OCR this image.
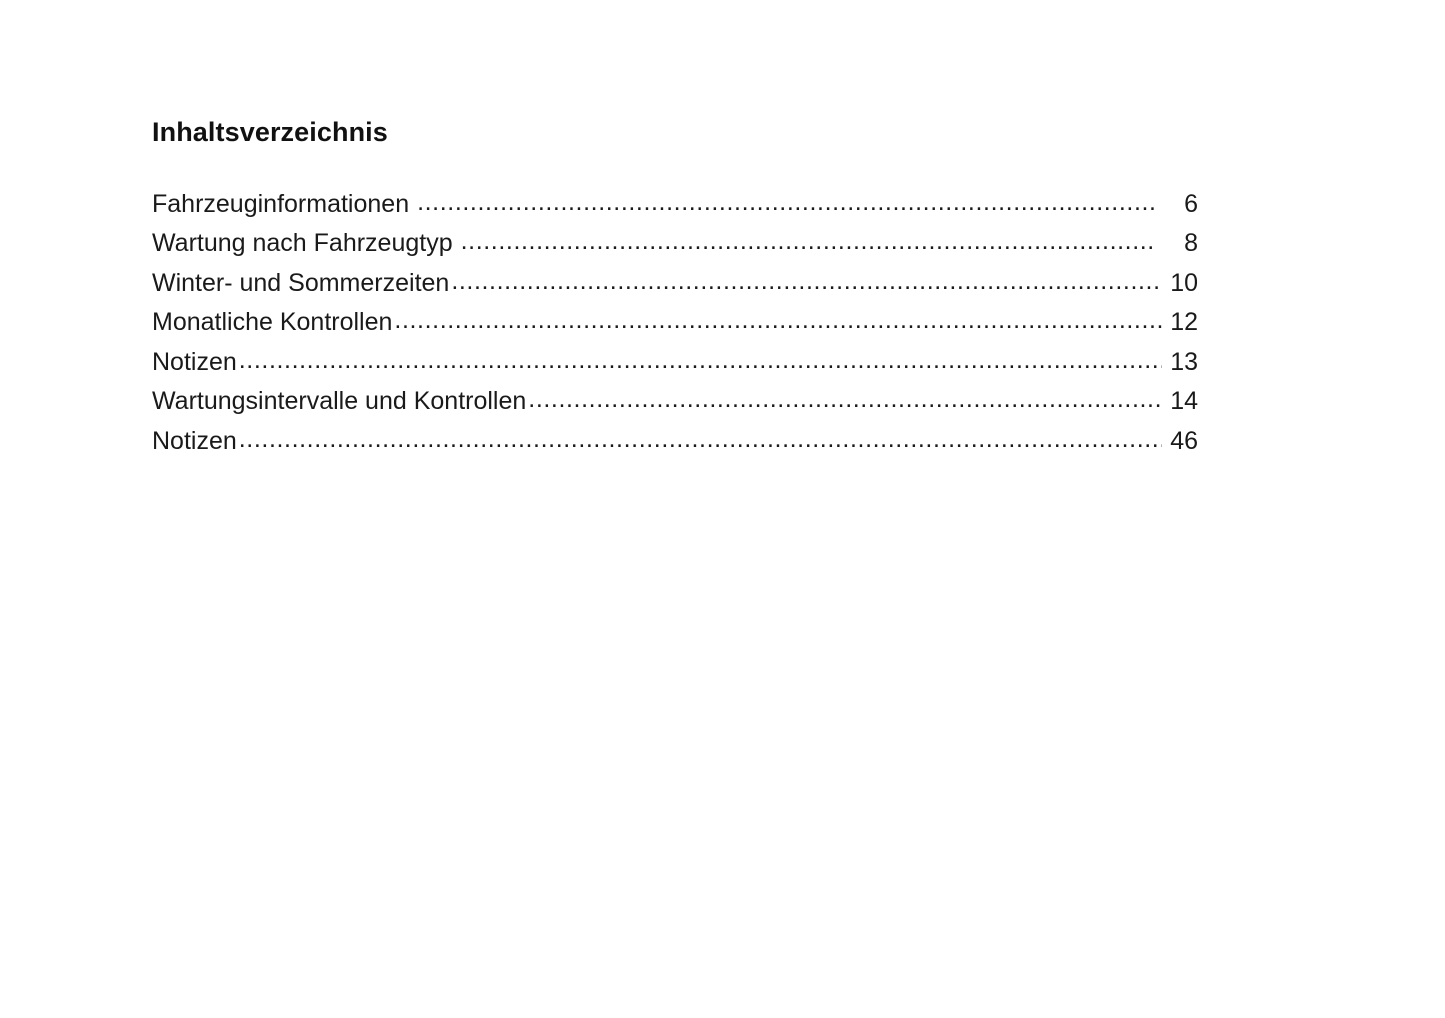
Inhaltsverzeichnis
Fahrzeuginformationen .....	6
Wartung nach Fahrzeugtyp .....	8
Winter- und Sommerzeiten .....	10
Monatliche Kontrollen .....	12
Notizen .....	13
Wartungsintervalle und Kontrollen .....	14
Notizen .....	46
